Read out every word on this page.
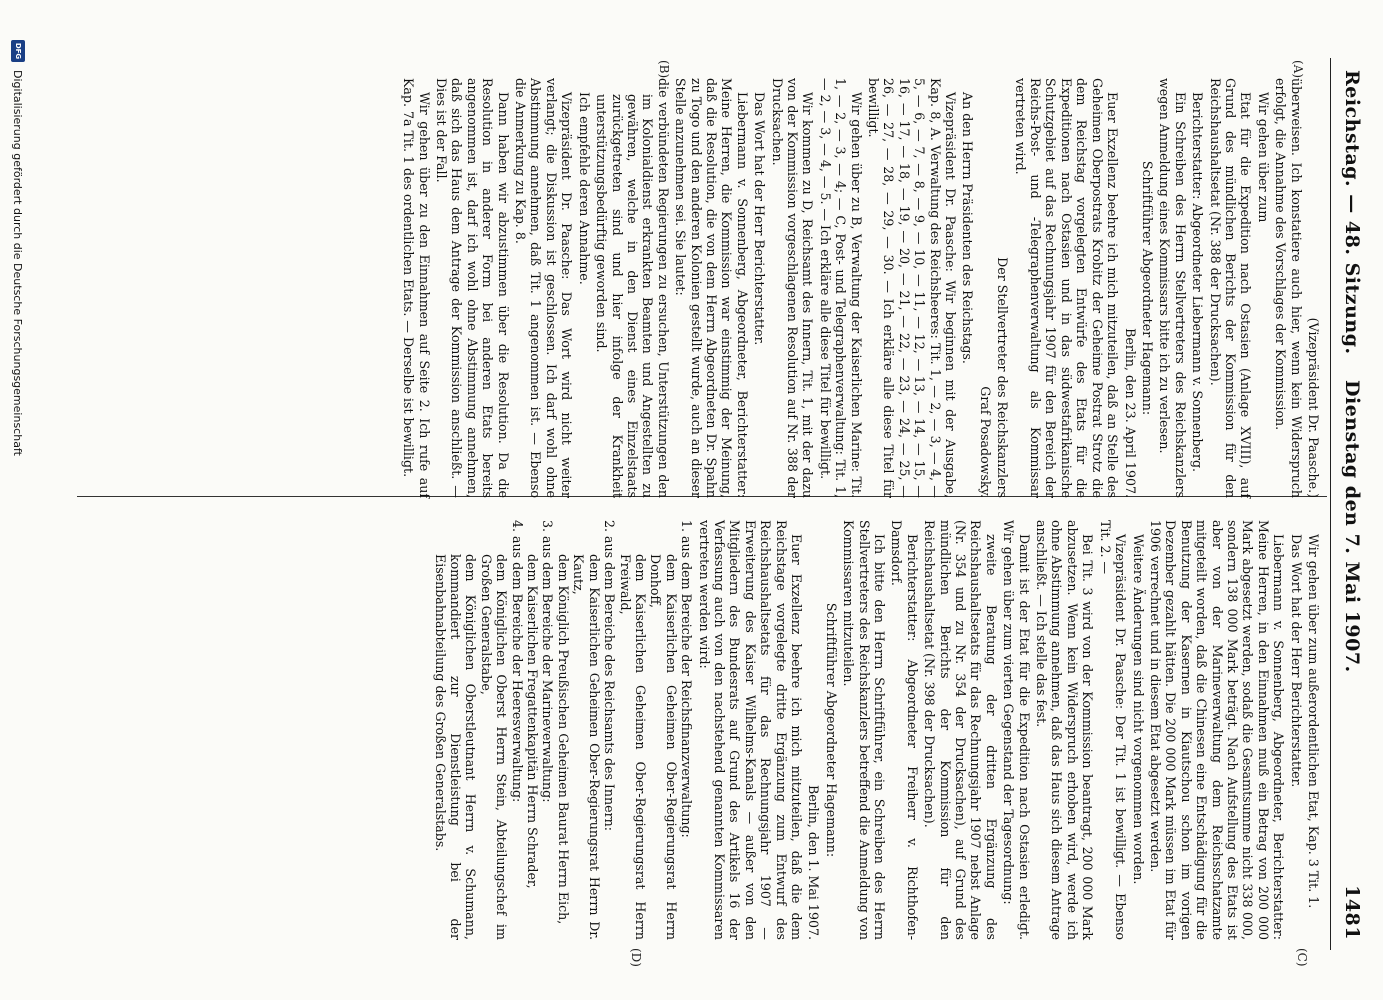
Reichstag. — 48. Sitzung.
Dienstag den 7. Mai 1907.
1481
(A)
(B)
(C)
(D)

(Vizepräsident Dr. Paasche.)

überweisen. Ich konstatiere auch hier, wenn kein Widerspruch erfolgt, die Annahme des Vorschlages der Kommission.

Wir gehen über zum

Etat für die Expedition nach Ostasien (Anlage XVIII), auf Grund des mündlichen Berichts der Kommission für den Reichshaushaltsetat (Nr. 388 der Drucksachen).

Berichterstatter: Abgeordneter Liebermann v. Sonnenberg.

Ein Schreiben des Herrn Stellvertreters des Reichskanzlers wegen Anmeldung eines Kommissars bitte ich zu verlesen.

Schriftführer Abgeordneter Hagemann:

Berlin, den 23. April 1907.

Euer Exzellenz beehre ich mich mitzuteilen, daß an Stelle des Geheimen Oberpostrats Krobitz der Geheime Postrat Strotz die dem Reichstag vorgelegten Entwürfe des Etats für die Expeditionen nach Ostasien und in das südwestafrikanische Schutzgebiet auf das Rechnungsjahr 1907 für den Bereich der Reichs-Post- und -Telegraphenverwaltung als Kommissar vertreten wird.

Der Stellvertreter des Reichskanzlers

Graf Posadowsky.

An den Herrn Präsidenten des Reichstags.

Vizepräsident Dr. Paasche: Wir beginnen mit der Ausgabe, Kap. 8, A. Verwaltung des Reichsheeres: Tit. 1, — 2, — 3, — 4, — 5, — 6, — 7, — 8, — 9, — 10, — 11, — 12, — 13, — 14, — 15, — 16, — 17, — 18, — 19, — 20, — 21, — 22, — 23, — 24, — 25, — 26, — 27, — 28, — 29, — 30. — Ich erkläre alle diese Titel für bewilligt.

Wir gehen über zu B, Verwaltung der Kaiserlichen Marine: Tit. 1, — 2, — 3, — 4; — C, Post- und Telegraphenverwaltung: Tit. 1, — 2, — 3, — 4, — 5. — Ich erkläre alle diese Titel für bewilligt.

Wir kommen zu D, Reichsamt des Innern, Tit. 1, mit der dazu von der Kommission vorgeschlagenen Resolution auf Nr. 388 der Drucksachen.

Das Wort hat der Herr Berichterstatter.

Liebermann v. Sonnenberg, Abgeordneter, Berichterstatter: Meine Herren, die Kommission war einstimmig der Meinung, daß die Resolution, die von dem Herrn Abgeordneten Dr. Spahn zu Togo und den anderen Kolonien gestellt wurde, auch an dieser Stelle anzunehmen sei. Sie lautet:

die verbündeten Regierungen zu ersuchen, Unterstützungen den im Kolonialdienst erkrankten Beamten und Angestellten zu gewähren, welche in den Dienst eines Einzelstaats zurückgetreten sind und hier infolge der Krankheit unterstützungsbedürftig geworden sind.

Ich empfehle deren Annahme.

Vizepräsident Dr. Paasche: Das Wort wird nicht weiter verlangt; die Diskussion ist geschlossen. Ich darf wohl ohne Abstimmung annehmen, daß Tit. 1 angenommen ist. — Ebenso die Anmerkung zu Kap. 8.

Dann haben wir abzustimmen über die Resolution. Da die Resolution in anderer Form bei anderen Etats bereits angenommen ist, darf ich wohl ohne Abstimmung annehmen, daß sich das Haus dem Antrage der Kommission anschließt. — Dies ist der Fall.

Wir gehen über zu den Einnahmen auf Seite 2. Ich rufe auf Kap. 7a Tit. 1 des ordentlichen Etats. — Derselbe ist bewilligt.

Wir gehen über zum außerordentlichen Etat, Kap. 3 Tit. 1.

Das Wort hat der Herr Berichterstatter.

Liebermann v. Sonnenberg, Abgeordneter, Berichterstatter: Meine Herren, in den Einnahmen muß ein Betrag von 200 000 Mark abgesetzt werden, sodaß die Gesamtsumme nicht 338 000, sondern 138 000 Mark beträgt. Nach Aufstellung des Etats ist aber von der Marineverwaltung dem Reichsschatzamte mitgeteilt worden, daß die Chinesen eine Entschädigung für die Benutzung der Kasernen in Kiautschou schon im vorigen Dezember gezahlt hätten. Die 200 000 Mark müssen im Etat für 1906 verrechnet und in diesem Etat abgesetzt werden.

Weitere Änderungen sind nicht vorgenommen worden.

Vizepräsident Dr. Paasche: Der Tit. 1 ist bewilligt. — Ebenso Tit. 2. —

Bei Tit. 3 wird von der Kommission beantragt, 200 000 Mark abzusetzen. Wenn kein Widerspruch erhoben wird, werde ich ohne Abstimmung annehmen, daß das Haus sich diesem Antrage anschließt. — Ich stelle das fest.

Damit ist der Etat für die Expedition nach Ostasien erledigt. Wir gehen über zum vierten Gegenstand der Tagesordnung:

zweite Beratung der dritten Ergänzung des Reichshaushaltsetats für das Rechnungsjahr 1907 nebst Anlage (Nr. 354 und zu Nr. 354 der Drucksachen), auf Grund des mündlichen Berichts der Kommission für den Reichshaushaltsetat (Nr. 398 der Drucksachen).

Berichterstatter: Abgeordneter Freiherr v. Richthofen-Damsdorf.

Ich bitte den Herrn Schriftführer, ein Schreiben des Herrn Stellvertreters des Reichskanzlers betreffend die Anmeldung von Kommissaren mitzuteilen.

Schriftführer Abgeordneter Hagemann:

Berlin, den 1. Mai 1907.

Euer Exzellenz beehre ich mich mitzuteilen, daß die dem Reichstage vorgelegte dritte Ergänzung zum Entwurf des Reichshaushaltsetats für das Rechnungsjahr 1907 — Erweiterung des Kaiser Wilhelms-Kanals — außer von den Mitgliedern des Bundesrats auf Grund des Artikels 16 der Verfassung auch von den nachstehend genannten Kommissaren vertreten werden wird:

1. aus dem Bereiche der Reichsfinanzverwaltung:

dem Kaiserlichen Geheimen Ober-Regierungsrat Herrn Donhoff,

dem Kaiserlichen Geheimen Ober-Regierungsrat Herrn Freiwald,

2. aus dem Bereiche des Reichsamts des Innern:

dem Kaiserlichen Geheimen Ober-Regierungsrat Herrn Dr. Kautz,

dem Königlich Preußischen Geheimen Baurat Herrn Eich,

3. aus dem Bereiche der Marineverwaltung:

dem Kaiserlichen Fregattenkapitän Herrn Schrader,

4. aus dem Bereiche der Heeresverwaltung:

dem Königlichen Oberst Herrn Stein, Abteilungschef im Großen Generalstabe,

dem Königlichen Oberstleutnant Herrn v. Schumann, kommandiert zur Dienstleistung bei der Eisenbahnabteilung des Großen Generalstabs.

DFG
Digitalisierung gefördert durch die Deutsche Forschungsgemeinschaft
